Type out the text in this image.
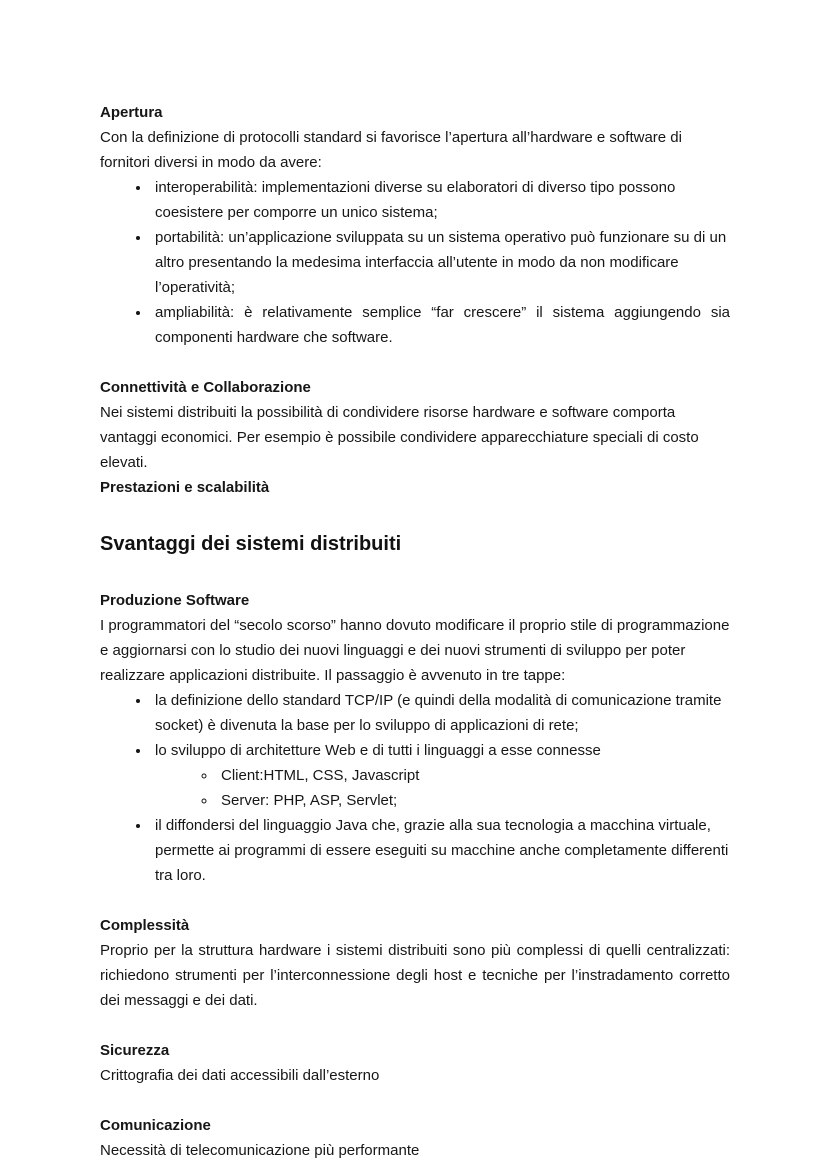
Apertura

Con la definizione di protocolli standard si favorisce l’apertura all’hardware e software di fornitori diversi in modo da avere:

• interoperabilità: implementazioni diverse su elaboratori di diverso tipo possono coesistere per comporre un unico sistema;
• portabilità: un’applicazione sviluppata su un sistema operativo può funzionare su di un altro presentando la medesima interfaccia all’utente in modo da non modificare l’operatività;
• ampliabilità: è relativamente semplice “far crescere” il sistema aggiungendo sia componenti hardware che software.
Connettività e Collaborazione

Nei sistemi distribuiti la possibilità di condividere risorse hardware e software comporta vantaggi economici. Per esempio è possibile condividere apparecchiature speciali di costo elevati.

Prestazioni e scalabilità
Svantaggi dei sistemi distribuiti
Produzione Software

I programmatori del “secolo scorso” hanno dovuto modificare il proprio stile di programmazione e aggiornarsi con lo studio dei nuovi linguaggi e dei nuovi strumenti di sviluppo per poter realizzare applicazioni distribuite. Il passaggio è avvenuto in tre tappe:

• la definizione dello standard TCP/IP (e quindi della modalità di comunicazione tramite socket) è divenuta la base per lo sviluppo di applicazioni di rete;
• lo sviluppo di architetture Web e di tutti i linguaggi a esse connesse
◦ Client:HTML, CSS, Javascript
◦ Server: PHP, ASP, Servlet;
• il diffondersi del linguaggio Java che, grazie alla sua tecnologia a macchina virtuale, permette ai programmi di essere eseguiti su macchine anche completamente differenti tra loro.
Complessità

Proprio per la struttura hardware i sistemi distribuiti sono più complessi di quelli centralizzati: richiedono strumenti per l’interconnessione degli host e tecniche per l’instradamento corretto dei messaggi e dei dati.

Sicurezza

Crittografia dei dati accessibili dall’esterno

Comunicazione

Necessità di telecomunicazione più performante
